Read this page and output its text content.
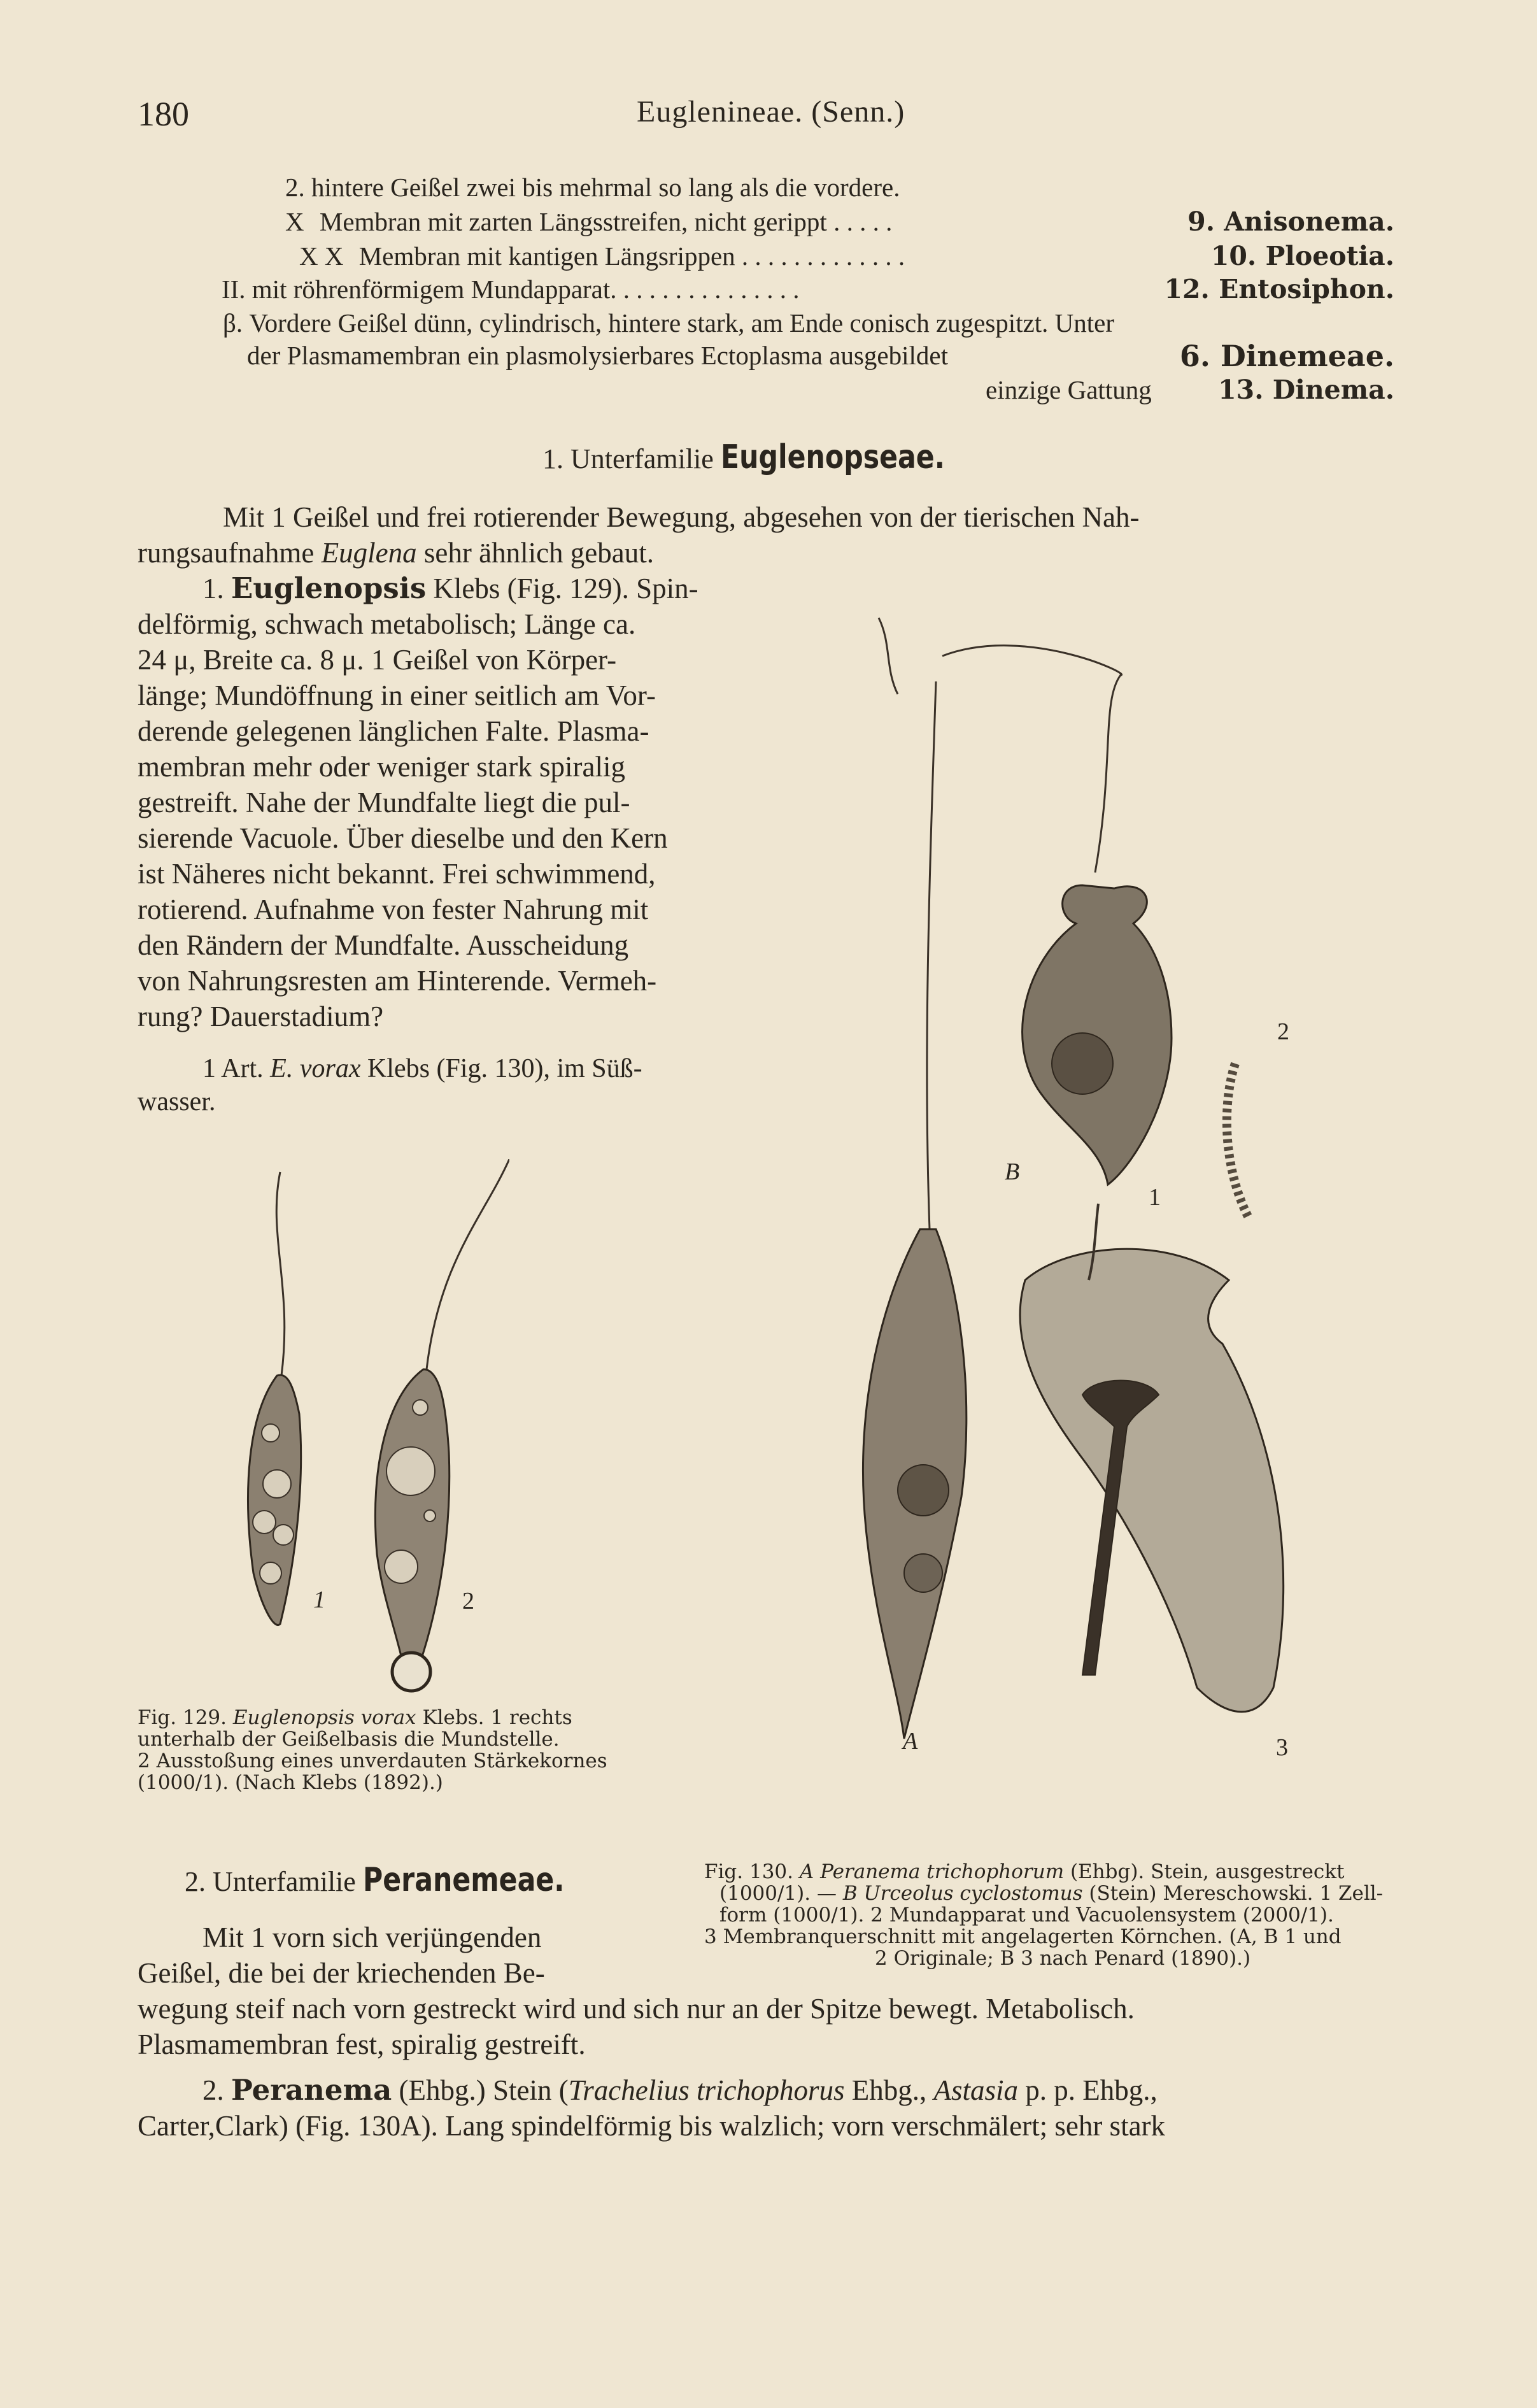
180	Euglenineae. (Senn.)
2. hintere Geißel zwei bis mehrmal so lang als die vordere.
X Membran mit zarten Längsstreifen, nicht gerippt . . . . .	9. Anisonema.
X X Membran mit kantigen Längsrippen . . . . . . . . . . . . .	10. Ploeotia.
II. mit röhrenförmigem Mundapparat. . . . . . . . . . . . . . .	12. Entosiphon.
β. Vordere Geißel dünn, cylindrisch, hintere stark, am Ende conisch zugespitzt. Unter
der Plasmamembran ein plasmolysierbares Ectoplasma ausgebildet	6. Dinemeae.
einzige Gattung	13. Dinema.
1. Unterfamilie Euglenopseae.
Mit 1 Geißel und frei rotierender Bewegung, abgesehen von der tierischen Nah-
rungsaufnahme Euglena sehr ähnlich gebaut.
1. Euglenopsis Klebs (Fig. 129). Spin-
delförmig, schwach metabolisch; Länge ca.
24 μ, Breite ca. 8 μ. 1 Geißel von Körper-
länge; Mundöffnung in einer seitlich am Vor-
derende gelegenen länglichen Falte. Plasma-
membran mehr oder weniger stark spiralig
gestreift. Nahe der Mundfalte liegt die pul-
sierende Vacuole. Über dieselbe und den Kern
ist Näheres nicht bekannt. Frei schwimmend,
rotierend. Aufnahme von fester Nahrung mit
den Rändern der Mundfalte. Ausscheidung
von Nahrungsresten am Hinterende. Vermeh-
rung? Dauerstadium?
1 Art. E. vorax Klebs (Fig. 130), im Süß-
wasser.
1	2
Fig. 129. Euglenopsis vorax Klebs. 1 rechts
unterhalb der Geißelbasis die Mundstelle.
2 Ausstoßung eines unverdauten Stärkekornes
(1000/1). (Nach Klebs (1892).)
A
B
1
2
3
Fig. 130. A Peranema trichophorum (Ehbg). Stein, ausgestreckt
(1000/1). — B Urceolus cyclostomus (Stein) Mereschowski. 1 Zell-
form (1000/1). 2 Mundapparat und Vacuolensystem (2000/1).
3 Membranquerschnitt mit angelagerten Körnchen. (A, B 1 und
2 Originale; B 3 nach Penard (1890).)
2. Unterfamilie Peranemeae.
Mit 1 vorn sich verjüngenden
Geißel, die bei der kriechenden Be-
wegung steif nach vorn gestreckt wird und sich nur an der Spitze bewegt. Metabolisch.
Plasmamembran fest, spiralig gestreift.
2. Peranema (Ehbg.) Stein (Trachelius trichophorus Ehbg., Astasia p. p. Ehbg.,
Carter,Clark) (Fig. 130A). Lang spindelförmig bis walzlich; vorn verschmälert; sehr stark
